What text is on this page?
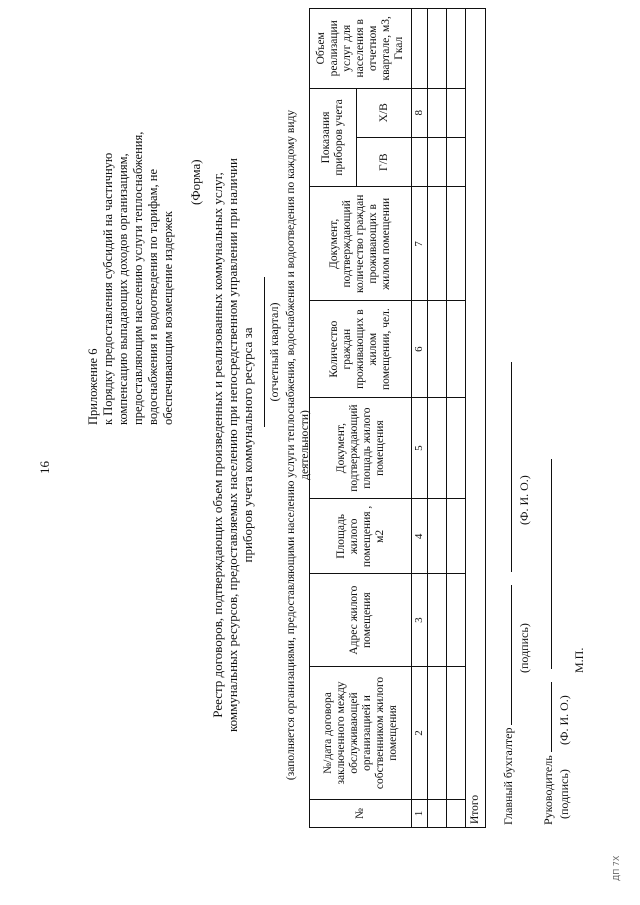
16
Приложение 6 к Порядку предоставления субсидий на частичную компенсацию выпадающих доходов организациям, предоставляющим населению услуги теплоснабжения, водоснабжения и водоотведения по тарифам, не обеспечивающим возмещение издержек
(Форма) Реестр договоров, подтверждающих объем произведенных и реализованных коммунальных услуг, коммунальных ресурсов, предоставляемых населению при непосредственном управлении при наличии приборов учета коммунального ресурса за (отчетный квартал) (заполняется организациями, предоставляющими населению услуги теплоснабжения, водоснабжения и водоотведения по каждому виду деятельности)
№	№/дата договора заключенного между обслуживающей организацией и собственником жилого помещения	Адрес жилого помещения	Площадь жилого помещения , м2	Документ, подтверждающий площадь жилого помещения	Количество граждан проживающих в жилом помещении, чел.	Документ, подтверждающий количество граждан проживающих в жилом помещении	Показания приборов учета		Объем реализации услуг для населения в отчетном квартале, м3, Гкал
							Г/В	Х/В	
1	2	3	4	5	6	7		8	

Итого									Главный бухгалтер
(подпись)
(Ф. И. О.)
Руководитель (подпись)
(Ф. И. О.)
М.П.
ДП 7Х
